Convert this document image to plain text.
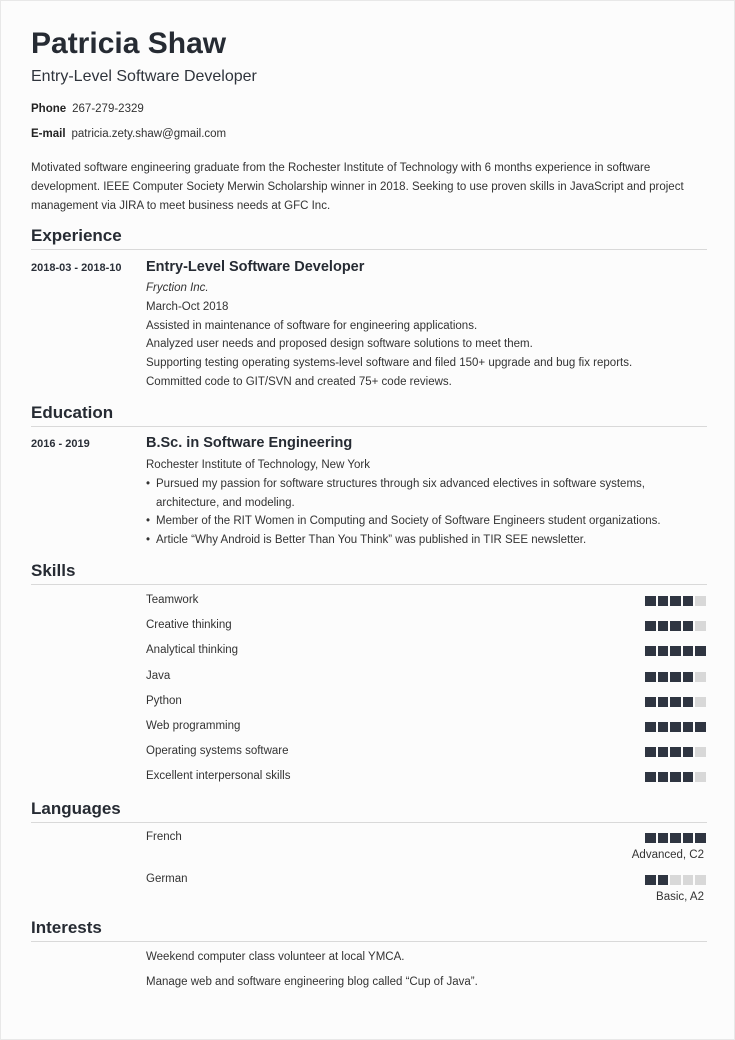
Patricia Shaw
Entry-Level Software Developer
Phone 267-279-2329
E-mail patricia.zety.shaw@gmail.com
Motivated software engineering graduate from the Rochester Institute of Technology with 6 months experience in software development. IEEE Computer Society Merwin Scholarship winner in 2018. Seeking to use proven skills in JavaScript and project management via JIRA to meet business needs at GFC Inc.
Experience
2018-03 - 2018-10 Entry-Level Software Developer
Fryction Inc.
March-Oct 2018
Assisted in maintenance of software for engineering applications.
Analyzed user needs and proposed design software solutions to meet them.
Supporting testing operating systems-level software and filed 150+ upgrade and bug fix reports.
Committed code to GIT/SVN and created 75+ code reviews.
Education
2016 - 2019	B.Sc. in Software Engineering
Rochester Institute of Technology, New York
• Pursued my passion for software structures through six advanced electives in software systems, architecture, and modeling.
• Member of the RIT Women in Computing and Society of Software Engineers student organizations.
• Article “Why Android is Better Than You Think” was published in TIR SEE newsletter.
Skills
Teamwork
Creative thinking
Analytical thinking
Java
Python
Web programming
Operating systems software
Excellent interpersonal skills
Languages
French
Advanced, C2
German
Basic, A2
Interests
Weekend computer class volunteer at local YMCA.
Manage web and software engineering blog called “Cup of Java”.
